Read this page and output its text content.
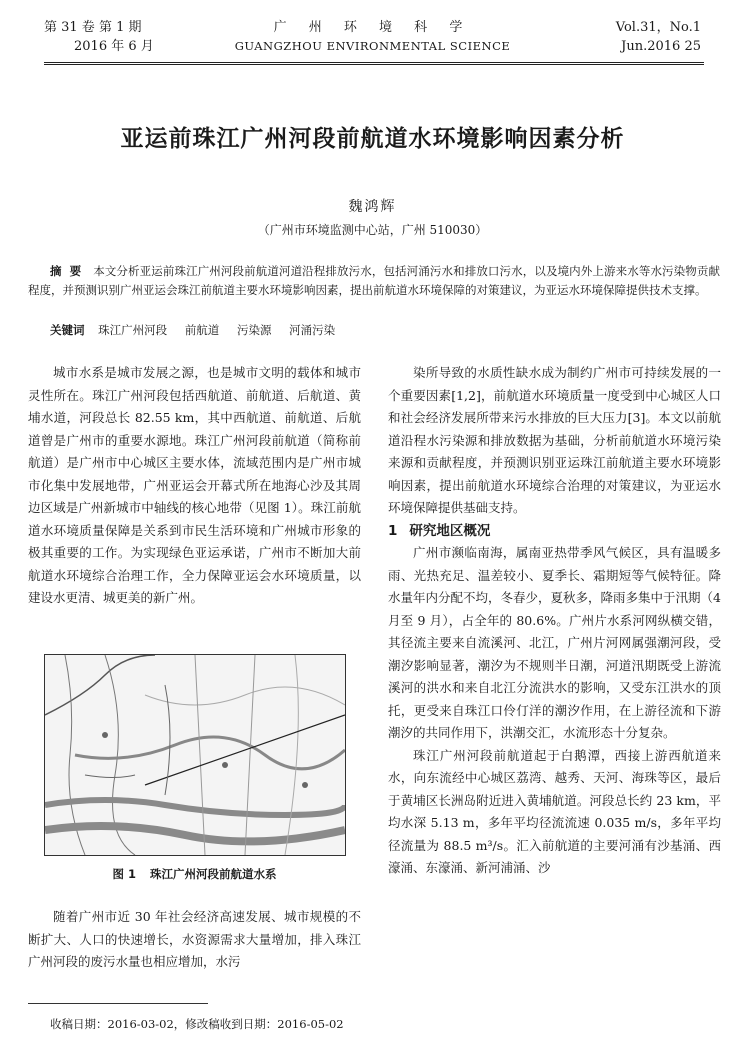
第 31 卷 第 1 期
2016 年 6 月
广 州 环 境 科 学
GUANGZHOU ENVIRONMENTAL SCIENCE
Vol.31，No.1
Jun.2016 25
亚运前珠江广州河段前航道水环境影响因素分析
魏鸿辉
（广州市环境监测中心站，广州 510030）
摘要 本文分析亚运前珠江广州河段前航道河道沿程排放污水，包括河涌污水和排放口污水，以及境内外上游来水等水污染物贡献程度，并预测识别广州亚运会珠江前航道主要水环境影响因素，提出前航道水环境保障的对策建议，为亚运水环境保障提供技术支撑。
关键词 珠江广州河段 前航道 污染源 河涌污染

城市水系是城市发展之源，也是城市文明的载体和城市灵性所在。珠江广州河段包括西航道、前航道、后航道、黄埔水道，河段总长 82.55 km，其中西航道、前航道、后航道曾是广州市的重要水源地。珠江广州河段前航道（简称前航道）是广州市中心城区主要水体，流域范围内是广州市城市化集中发展地带，广州亚运会开幕式所在地海心沙及其周边区域是广州新城市中轴线的核心地带（见图 1）。珠江前航道水环境质量保障是关系到市民生活环境和广州城市形象的极其重要的工作。为实现绿色亚运承诺，广州市不断加大前航道水环境综合治理工作，全力保障亚运会水环境质量，以建设水更清、城更美的新广州。

图 1 珠江广州河段前航道水系

随着广州市近 30 年社会经济高速发展、城市规模的不断扩大、人口的快速增长，水资源需求大量增加，排入珠江广州河段的废污水量也相应增加，水污

染所导致的水质性缺水成为制约广州市可持续发展的一个重要因素[1,2]，前航道水环境质量一度受到中心城区人口和社会经济发展所带来污水排放的巨大压力[3]。本文以前航道沿程水污染源和排放数据为基础，分析前航道水环境污染来源和贡献程度，并预测识别亚运珠江前航道主要水环境影响因素，提出前航道水环境综合治理的对策建议，为亚运水环境保障提供基础支持。

1 研究地区概况

广州市濒临南海，属南亚热带季风气候区，具有温暖多雨、光热充足、温差较小、夏季长、霜期短等气候特征。降水量年内分配不均，冬春少，夏秋多，降雨多集中于汛期（4 月至 9 月），占全年的 80.6%。广州片水系河网纵横交错，其径流主要来自流溪河、北江，广州片河网属强潮河段，受潮汐影响显著，潮汐为不规则半日潮，河道汛期既受上游流溪河的洪水和来自北江分流洪水的影响，又受东江洪水的顶托，更受来自珠江口伶仃洋的潮汐作用，在上游径流和下游潮汐的共同作用下，洪潮交汇，水流形态十分复杂。

珠江广州河段前航道起于白鹅潭，西接上游西航道来水，向东流经中心城区荔湾、越秀、天河、海珠等区，最后于黄埔区长洲岛附近进入黄埔航道。河段总长约 23 km，平均水深 5.13 m，多年平均径流流速 0.035 m/s，多年平均径流量为 88.5 m³/s。汇入前航道的主要河涌有沙基涌、西濠涌、东濠涌、新河浦涌、沙

收稿日期：2016-03-02，修改稿收到日期：2016-05-02
